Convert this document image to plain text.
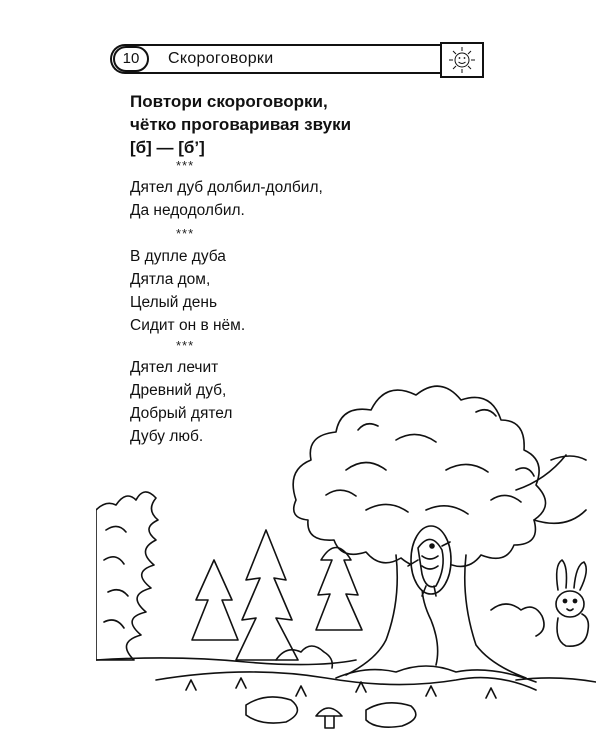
10	Скороговорки
Повтори скороговорки,
чётко проговаривая звуки
[б] — [б’]
***
Дятел дуб долбил-долбил,
Да недодолбил.
***
В дупле дуба
Дятла дом,
Целый день
Сидит он в нём.
***
Дятел лечит
Древний дуб,
Добрый дятел
Дубу люб.
